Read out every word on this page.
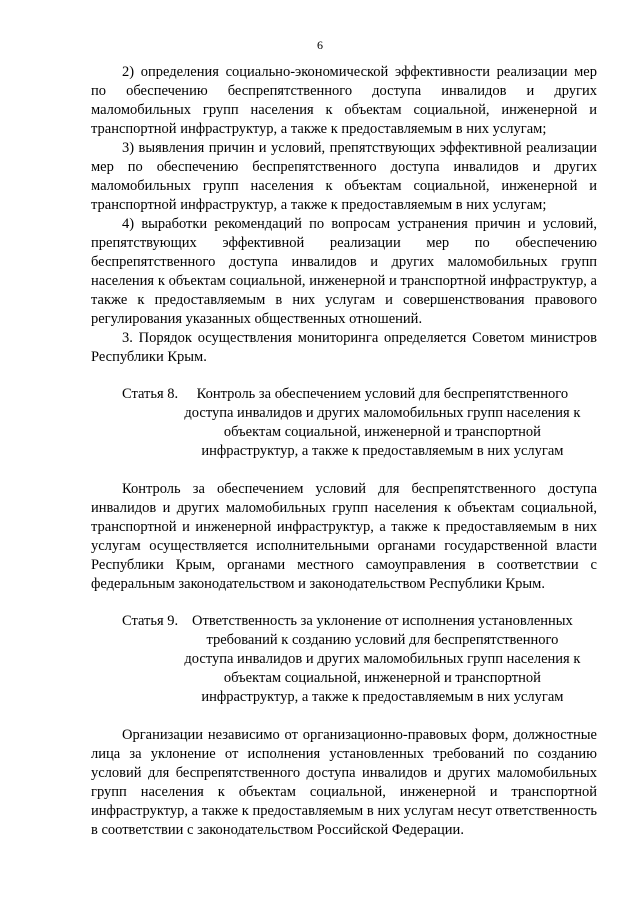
6

2) определения социально-экономической эффективности реализации мер по обеспечению беспрепятственного доступа инвалидов и других маломобильных групп населения к объектам социальной, инженерной и транспортной инфраструктур, а также к предоставляемым в них услугам;

3) выявления причин и условий, препятствующих эффективной реализации мер по обеспечению беспрепятственного доступа инвалидов и других маломобильных групп населения к объектам социальной, инженерной и транспортной инфраструктур, а также к предоставляемым в них услугам;

4) выработки рекомендаций по вопросам устранения причин и условий, препятствующих эффективной реализации мер по обеспечению беспрепятственного доступа инвалидов и других маломобильных групп населения к объектам социальной, инженерной и транспортной инфраструктур, а также к предоставляемым в них услугам и совершенствования правового регулирования указанных общественных отношений.

3. Порядок осуществления мониторинга определяется Советом министров Республики Крым.

Статья 8.	Контроль за обеспечением условий для беспрепятственного доступа инвалидов и других маломобильных групп населения к объектам социальной, инженерной и транспортной инфраструктур, а также к предоставляемым в них услугам

Контроль за обеспечением условий для беспрепятственного доступа инвалидов и других маломобильных групп населения к объектам социальной, транспортной и инженерной инфраструктур, а также к предоставляемым в них услугам осуществляется исполнительными органами государственной власти Республики Крым, органами местного самоуправления в соответствии с федеральным законодательством и законодательством Республики Крым.

Статья 9. Ответственность за уклонение от исполнения установленных требований к созданию условий для беспрепятственного доступа инвалидов и других маломобильных групп населения к объектам социальной, инженерной и транспортной инфраструктур, а также к предоставляемым в них услугам

Организации независимо от организационно-правовых форм, должностные лица за уклонение от исполнения установленных требований по созданию условий для беспрепятственного доступа инвалидов и других маломобильных групп населения к объектам социальной, инженерной и транспортной инфраструктур, а также к предоставляемым в них услугам несут ответственность в соответствии с законодательством Российской Федерации.
